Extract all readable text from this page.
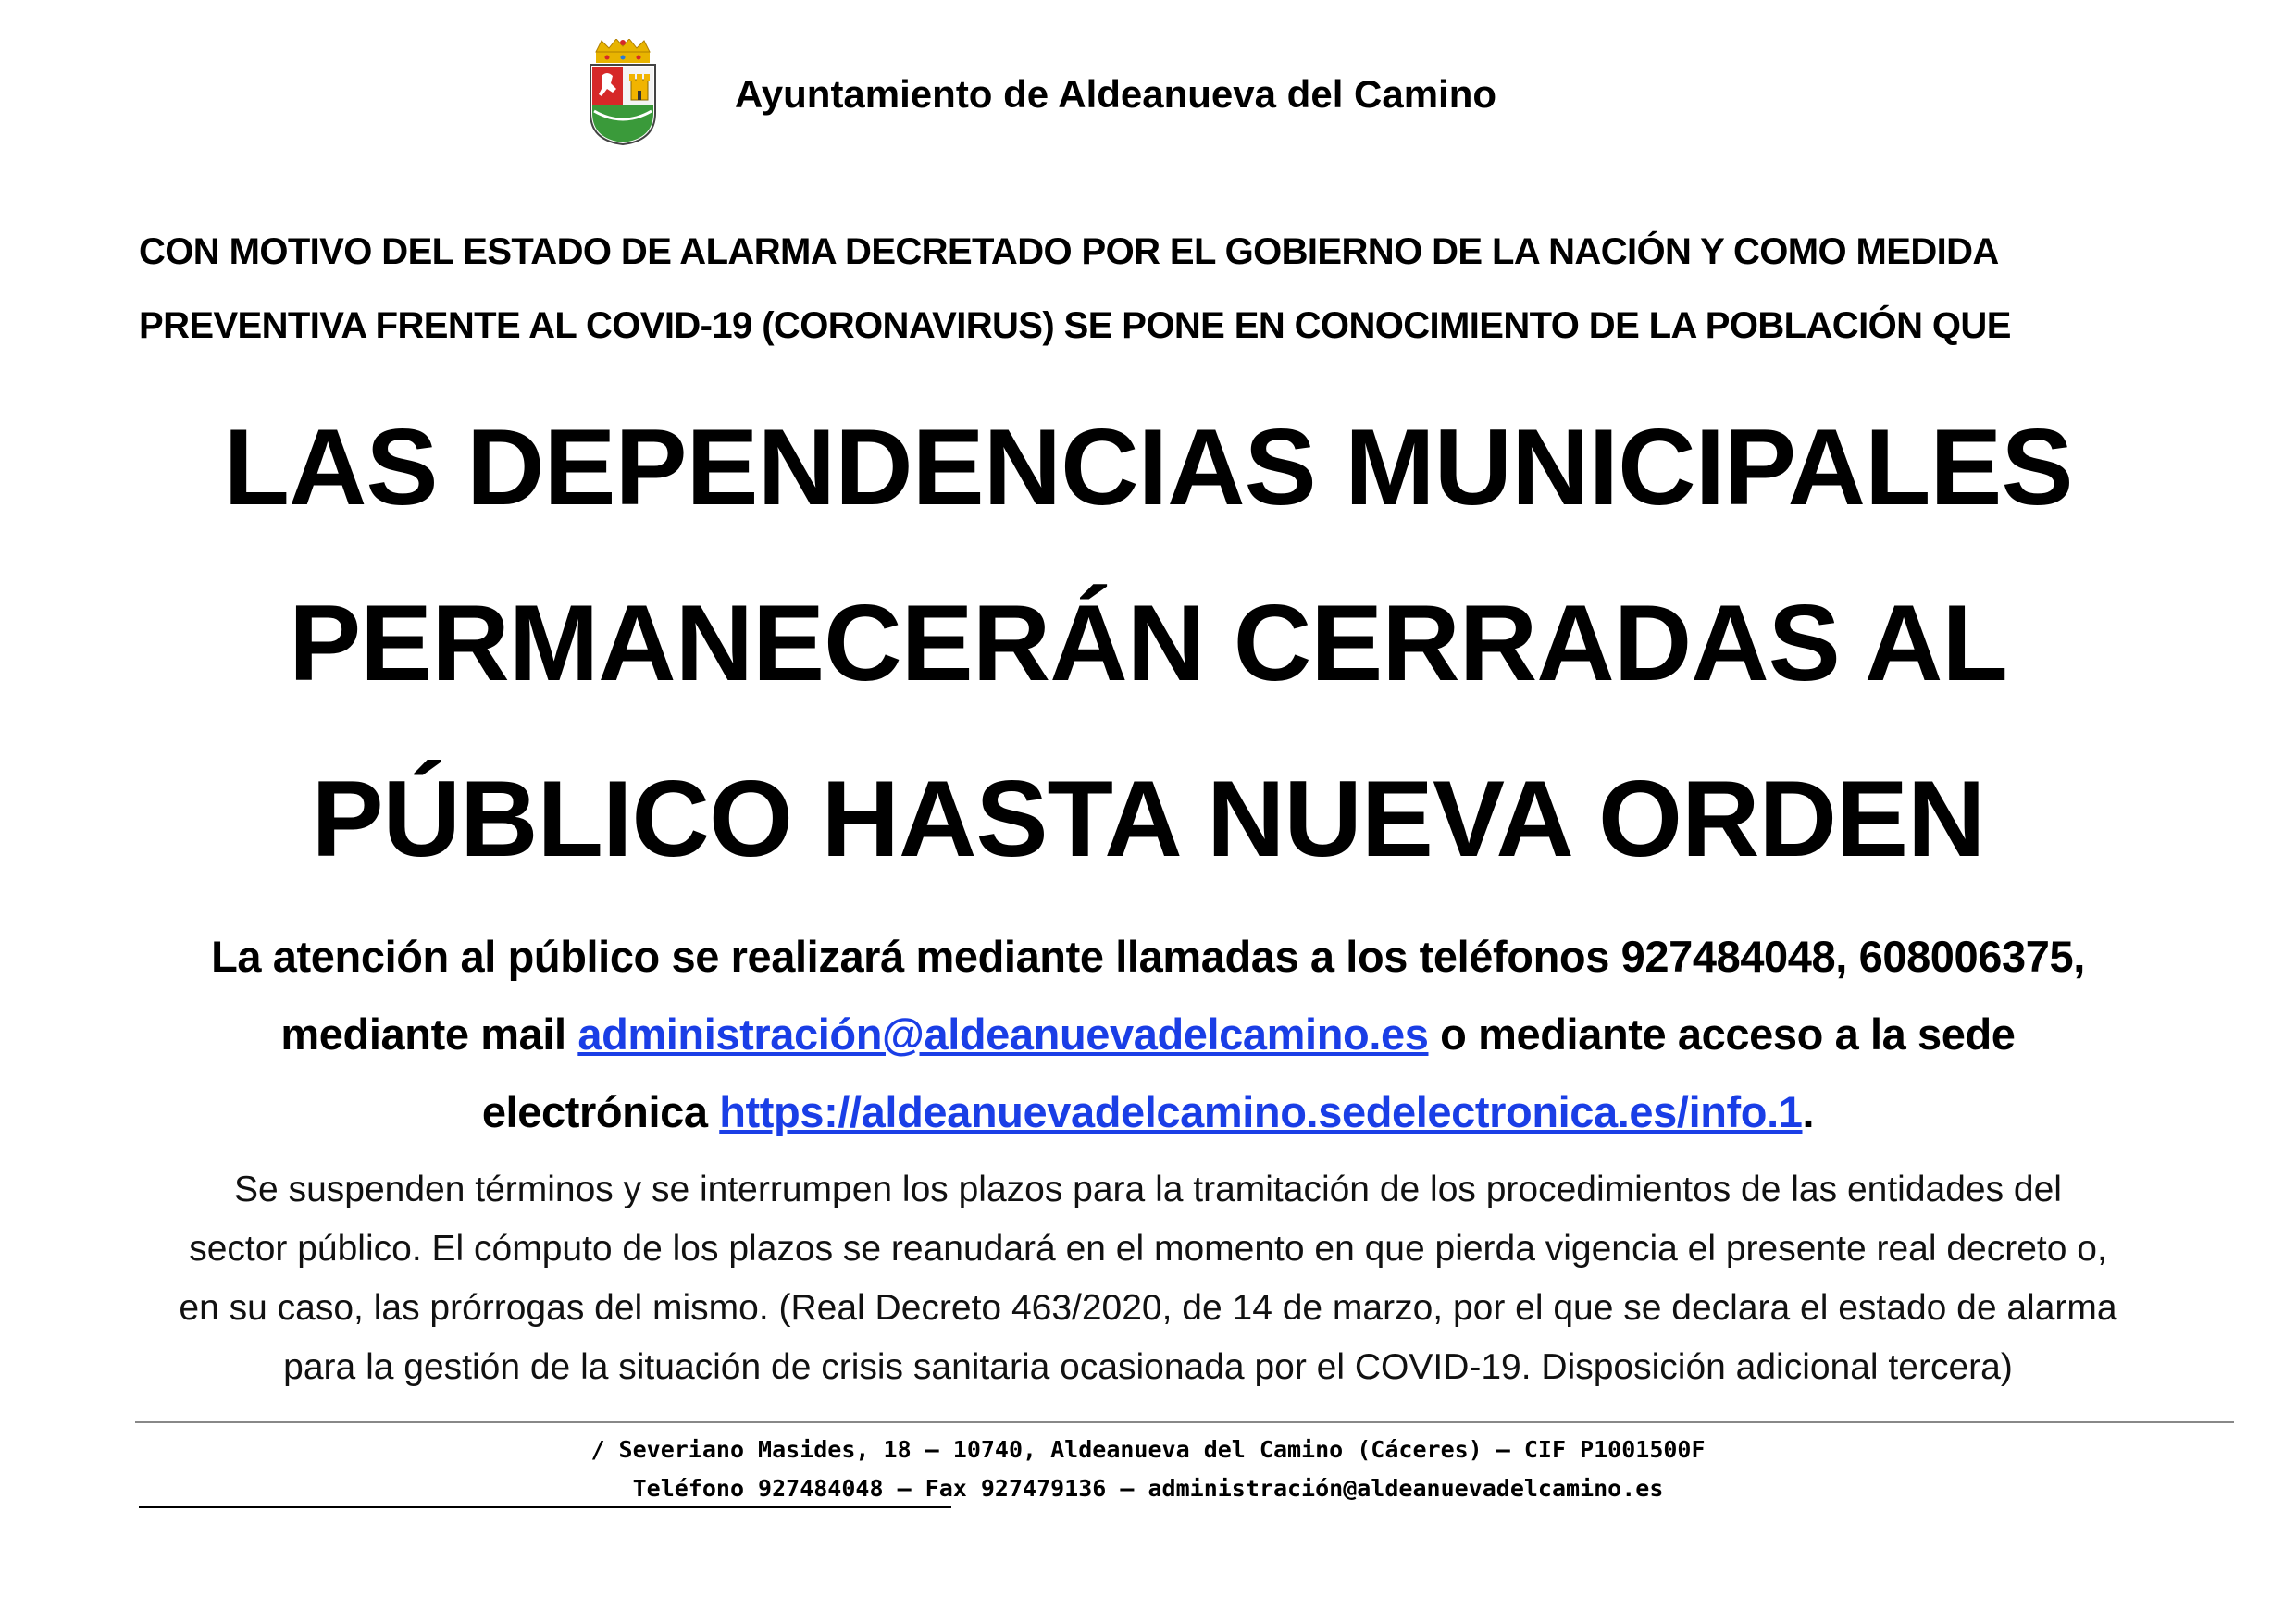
Ayuntamiento de Aldeanueva del Camino
CON MOTIVO DEL ESTADO DE ALARMA DECRETADO POR EL GOBIERNO DE LA NACIÓN Y COMO MEDIDA
PREVENTIVA FRENTE AL COVID-19 (CORONAVIRUS) SE PONE EN CONOCIMIENTO DE LA POBLACIÓN QUE
LAS DEPENDENCIAS MUNICIPALES
PERMANECERÁN CERRADAS AL
PÚBLICO HASTA NUEVA ORDEN
La atención al público se realizará mediante llamadas a los teléfonos 927484048, 608006375,
mediante mail administración@aldeanuevadelcamino.es o mediante acceso a la sede
electrónica https://aldeanuevadelcamino.sedelectronica.es/info.1.
Se suspenden términos y se interrumpen los plazos para la tramitación de los procedimientos de las entidades del
sector público. El cómputo de los plazos se reanudará en el momento en que pierda vigencia el presente real decreto o,
en su caso, las prórrogas del mismo. (Real Decreto 463/2020, de 14 de marzo, por el que se declara el estado de alarma
para la gestión de la situación de crisis sanitaria ocasionada por el COVID-19. Disposición adicional tercera)
/ Severiano Masides, 18 – 10740, Aldeanueva del Camino (Cáceres) – CIF P1001500F
Teléfono 927484048 – Fax 927479136 – administración@aldeanuevadelcamino.es
